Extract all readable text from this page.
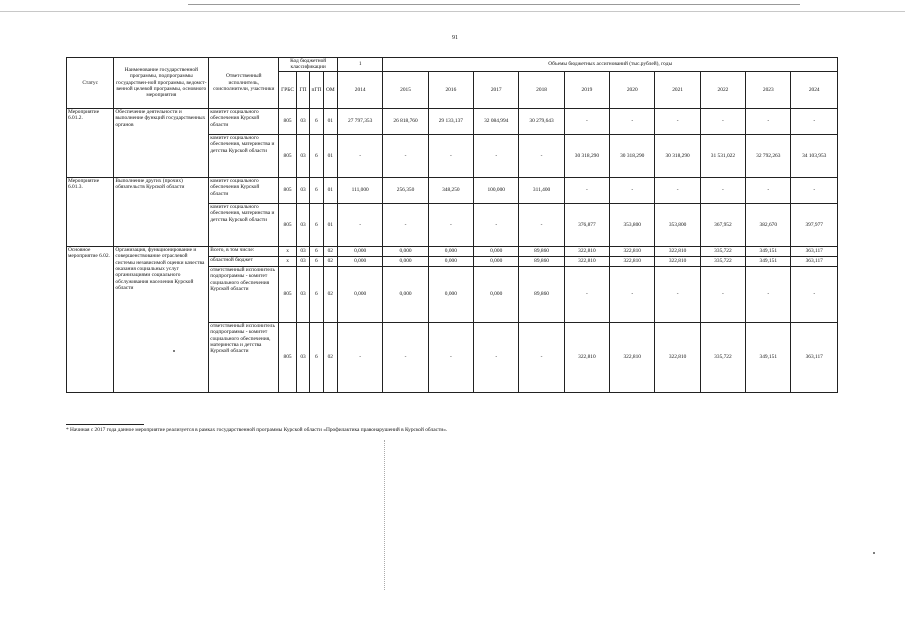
91
Статус	Наименование государственной программы, подпрограммы государствен-ной программы, ведомст-венной целевой программы, основного мероприятия	Ответственный исполнитель, соисполнители, участники	Код бюджетной классификации				1	Объемы бюджетных ассигнований (тыс.рублей), годы									
			ГРБС	ГП	пГП	ОМ	2014	2015	2016	2017	2018	2019	2020	2021	2022	2023	2024
Мероприятие 6.01.2.	Обеспечение деятельности и выполнение функций государственных органов	комитет социального обеспечения Курской области	805	03	6	01	27 797,353	26 818,760	29 133,137	32 084,994	30 279,643	-	-	-	-	-	-
		комитет социального обеспечения, материнства и детства Курской области	805	03	6	01	-	-	-	-	-	30 318,290	30 318,290	30 318,290	31 531,022	32 792,263	34 103,953
Мероприятие 6.01.3.	Выполнение других (прочих) обязательств Курской области	комитет социального обеспечения Курской области	805	03	6	01	111,000	256,350	348,250	100,000	311,400	-	-	-	-	-	-
		комитет социального обеспечения, материнства и детства Курской области	805	03	6	01	-	-	-	-	-	376,877	353,800	353,800	367,952	382,670	397,977
Основное мероприятие 6.02.	Организация, функционирование и совершенствование отраслевой системы независимой оценки качества оказания социальных услуг организациями социального обслуживания населения Курской области	Всего, в том числе:	x	03	6	02	0,000	0,000	0,000	0,000	89,860	322,810	322,810	322,810	335,722	349,151	363,117
		областной бюджет	x	03	6	02	0,000	0,000	0,000	0,000	89,860	322,810	322,810	322,810	335,722	349,151	363,117
		ответственный исполнитель подпрограммы - комитет социального обеспечения Курской области	805	03	6	02	0,000	0,000	0,000	0,000	89,860	-	-	-	-	-	-
		ответственный исполнитель подпрограммы - комитет социального обеспечения, материнства и детства Курской области	805	03	6	02	-	-	-	-	-	322,810	322,810	322,810	335,722	349,151	363,117
* Начиная с 2017 года данное мероприятие реализуется в рамках государственной программы Курской области «Профилактика правонарушений в Курской области».
